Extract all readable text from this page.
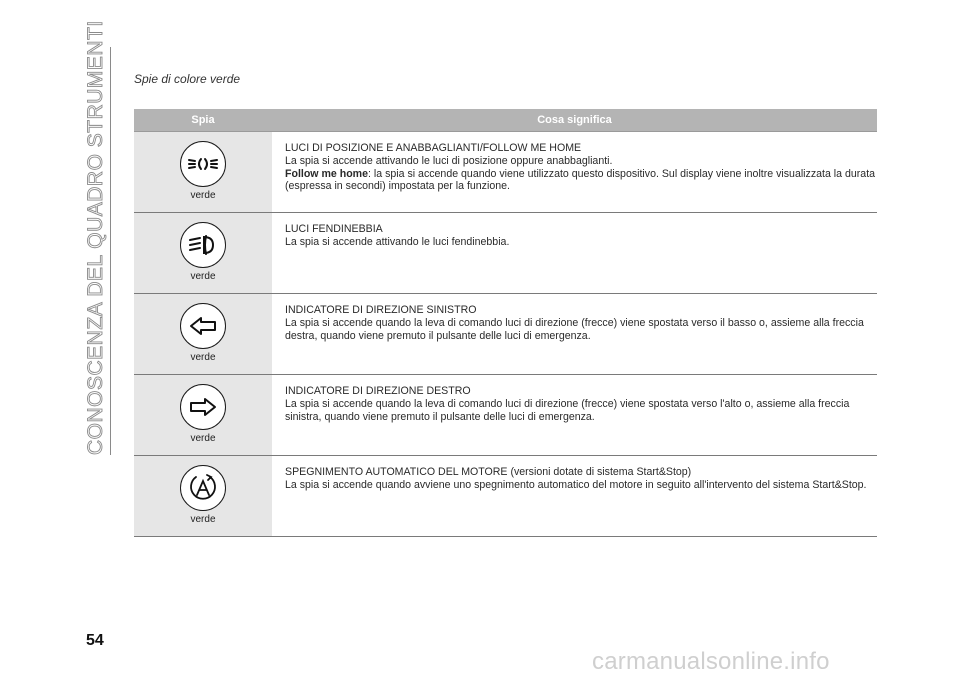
CONOSCENZA DEL QUADRO STRUMENTI Spie di colore verde
Spia	Cosa significa
verde
LUCI DI POSIZIONE E ANABBAGLIANTI/FOLLOW ME HOME
La spia si accende attivando le luci di posizione oppure anabbaglianti.
Follow me home: la spia si accende quando viene utilizzato questo dispositivo. Sul display viene inoltre visualizzata la durata (espressa in secondi) impostata per la funzione.
verde
LUCI FENDINEBBIA
La spia si accende attivando le luci fendinebbia.
verde
INDICATORE DI DIREZIONE SINISTRO
La spia si accende quando la leva di comando luci di direzione (frecce) viene spostata verso il basso o, assieme alla freccia destra, quando viene premuto il pulsante delle luci di emergenza.
verde
INDICATORE DI DIREZIONE DESTRO
La spia si accende quando la leva di comando luci di direzione (frecce) viene spostata verso l'alto o, assieme alla freccia sinistra, quando viene premuto il pulsante delle luci di emergenza.
verde
SPEGNIMENTO AUTOMATICO DEL MOTORE (versioni dotate di sistema Start&Stop)
La spia si accende quando avviene uno spegnimento automatico del motore in seguito all'intervento del sistema Start&Stop.
54
carmanualsonline.info
